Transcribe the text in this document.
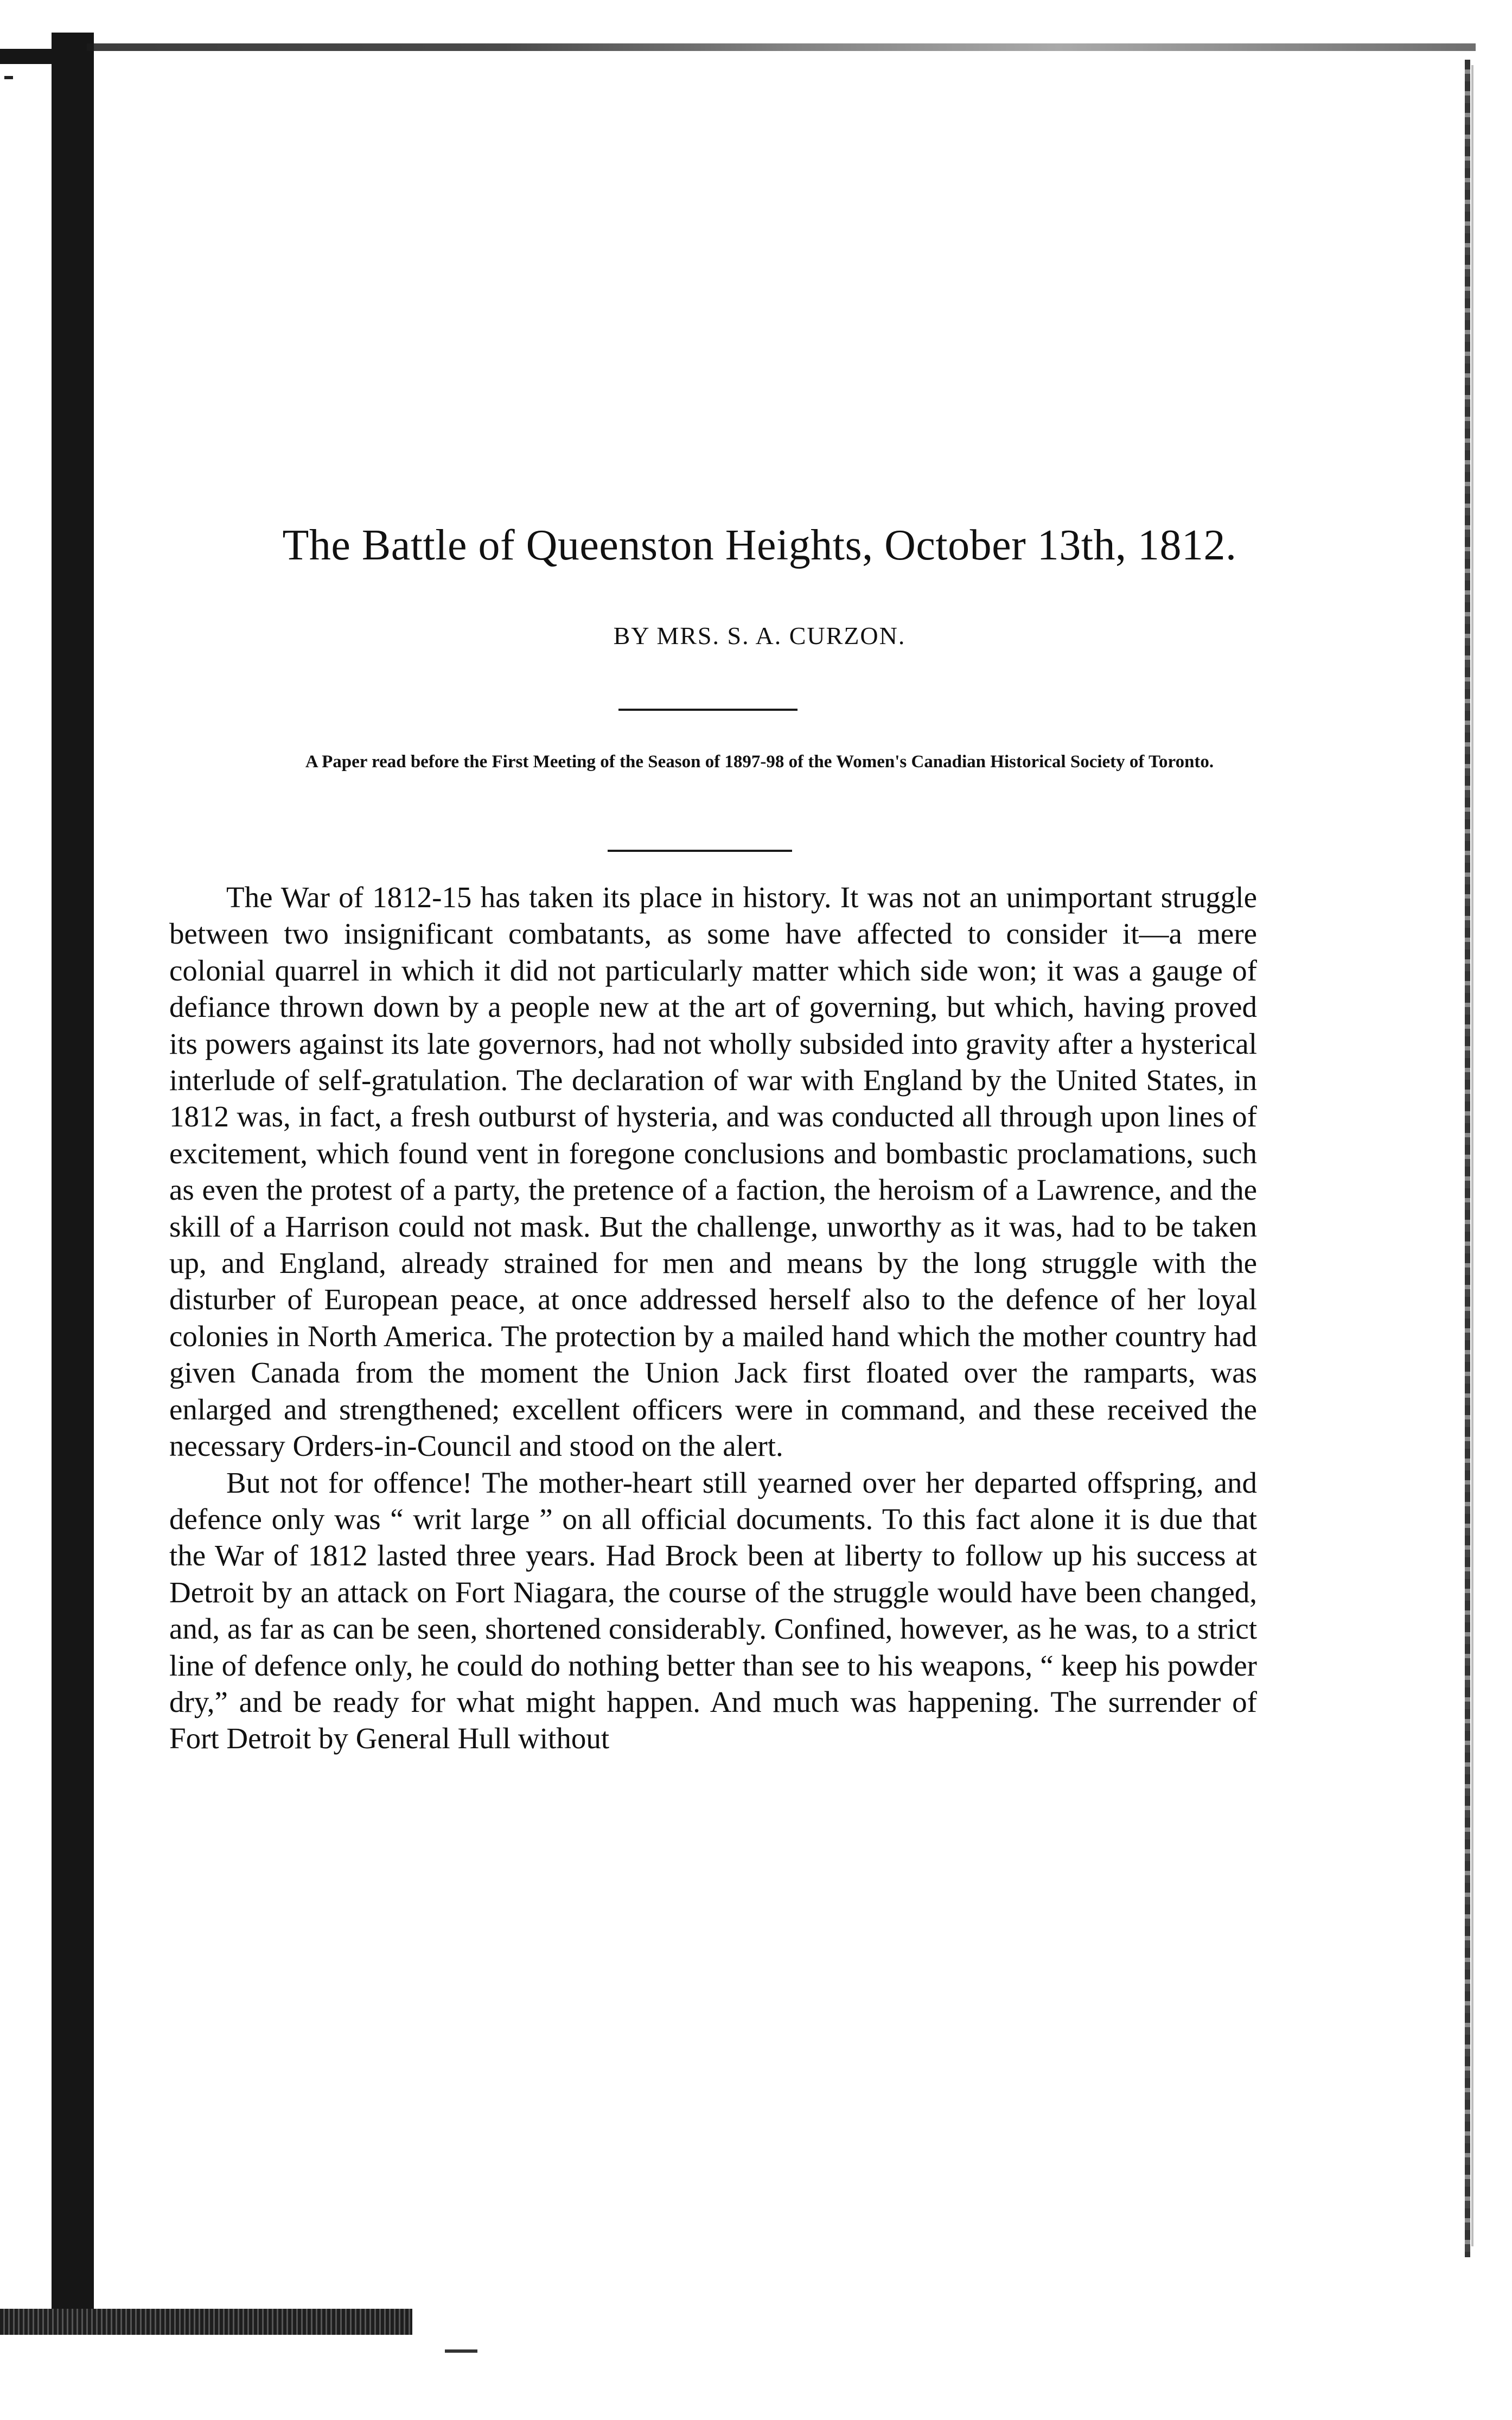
The Battle of Queenston Heights, October 13th, 1812.
BY MRS. S. A. CURZON.

A Paper read before the First Meeting of the Season of 1897-98 of the Women's Canadian Historical Society of Toronto.

The War of 1812-15 has taken its place in history. It was not an unimportant struggle between two insignificant combatants, as some have affected to consider it—a mere colonial quarrel in which it did not particularly matter which side won; it was a gauge of defiance thrown down by a people new at the art of governing, but which, having proved its powers against its late governors, had not wholly subsided into gravity after a hysterical interlude of self-gratulation. The declaration of war with England by the United States, in 1812 was, in fact, a fresh outburst of hysteria, and was conducted all through upon lines of excitement, which found vent in foregone conclusions and bombastic proclamations, such as even the protest of a party, the pretence of a faction, the heroism of a Lawrence, and the skill of a Harrison could not mask. But the challenge, unworthy as it was, had to be taken up, and England, already strained for men and means by the long struggle with the disturber of European peace, at once addressed herself also to the defence of her loyal colonies in North America. The protection by a mailed hand which the mother country had given Canada from the moment the Union Jack first floated over the ramparts, was enlarged and strengthened; excellent officers were in command, and these received the necessary Orders-in-Council and stood on the alert.

But not for offence! The mother-heart still yearned over her departed offspring, and defence only was “ writ large ” on all official documents. To this fact alone it is due that the War of 1812 lasted three years. Had Brock been at liberty to follow up his success at Detroit by an attack on Fort Niagara, the course of the struggle would have been changed, and, as far as can be seen, shortened considerably. Confined, however, as he was, to a strict line of defence only, he could do nothing better than see to his weapons, “ keep his powder dry,” and be ready for what might happen. And much was happening. The surrender of Fort Detroit by General Hull without
